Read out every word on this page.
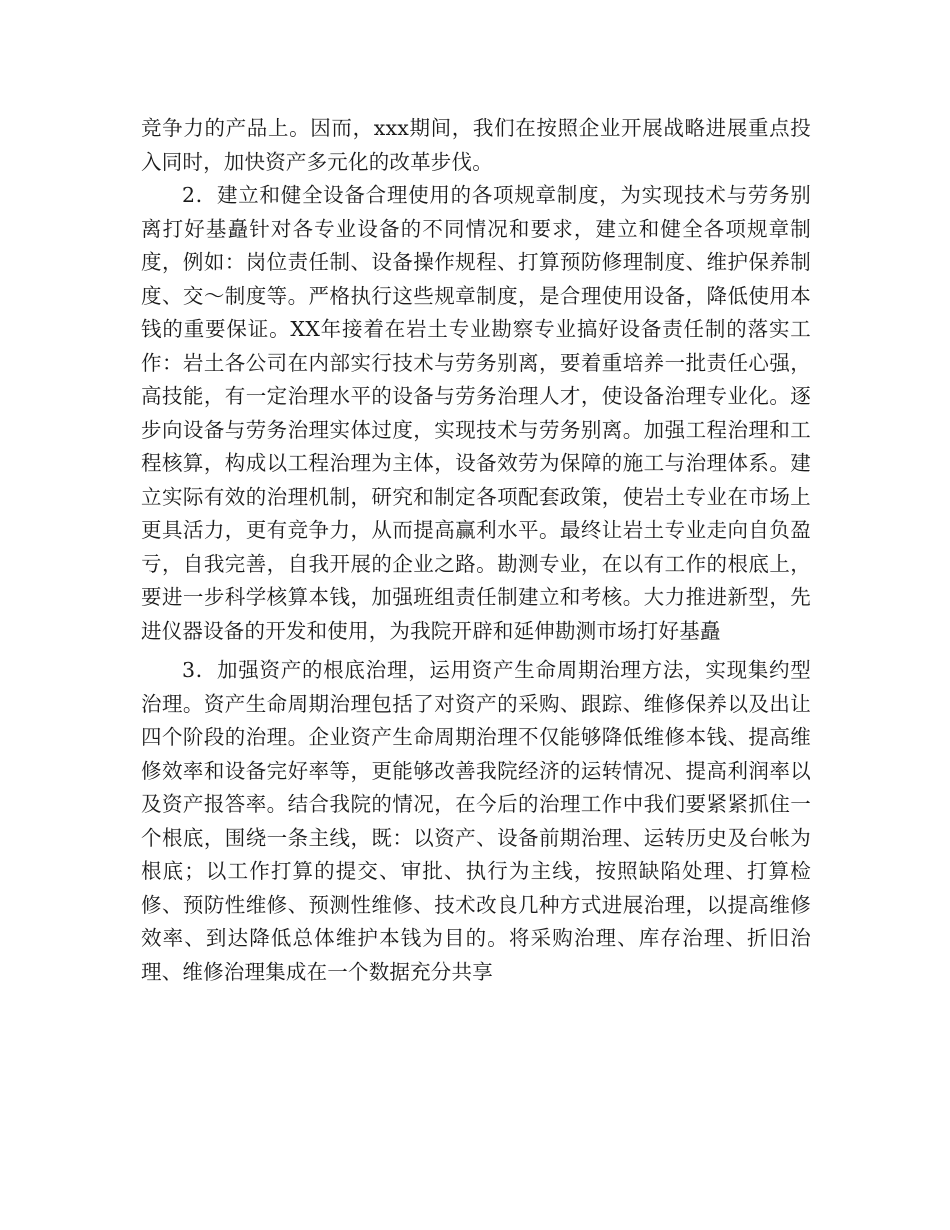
竞争力的产品上。因而，xxx期间，我们在按照企业开展战略进展重点投入同时，加快资产多元化的改革步伐。

2．建立和健全设备合理使用的各项规章制度，为实现技术与劳务别离打好基矗针对各专业设备的不同情况和要求，建立和健全各项规章制度，例如：岗位责任制、设备操作规程、打算预防修理制度、维护保养制度、交～制度等。严格执行这些规章制度，是合理使用设备，降低使用本钱的重要保证。XX年接着在岩土专业勘察专业搞好设备责任制的落实工作：岩土各公司在内部实行技术与劳务别离，要着重培养一批责任心强，高技能，有一定治理水平的设备与劳务治理人才，使设备治理专业化。逐步向设备与劳务治理实体过度，实现技术与劳务别离。加强工程治理和工程核算，构成以工程治理为主体，设备效劳为保障的施工与治理体系。建立实际有效的治理机制，研究和制定各项配套政策，使岩土专业在市场上更具活力，更有竞争力，从而提高赢利水平。最终让岩土专业走向自负盈亏，自我完善，自我开展的企业之路。勘测专业，在以有工作的根底上，要进一步科学核算本钱，加强班组责任制建立和考核。大力推进新型，先进仪器设备的开发和使用，为我院开辟和延伸勘测市场打好基矗

3．加强资产的根底治理，运用资产生命周期治理方法，实现集约型治理。资产生命周期治理包括了对资产的采购、跟踪、维修保养以及出让四个阶段的治理。企业资产生命周期治理不仅能够降低维修本钱、提高维修效率和设备完好率等，更能够改善我院经济的运转情况、提高利润率以及资产报答率。结合我院的情况，在今后的治理工作中我们要紧紧抓住一个根底，围绕一条主线，既：以资产、设备前期治理、运转历史及台帐为根底；以工作打算的提交、审批、执行为主线，按照缺陷处理、打算检修、预防性维修、预测性维修、技术改良几种方式进展治理，以提高维修效率、到达降低总体维护本钱为目的。将采购治理、库存治理、折旧治理、维修治理集成在一个数据充分共享
